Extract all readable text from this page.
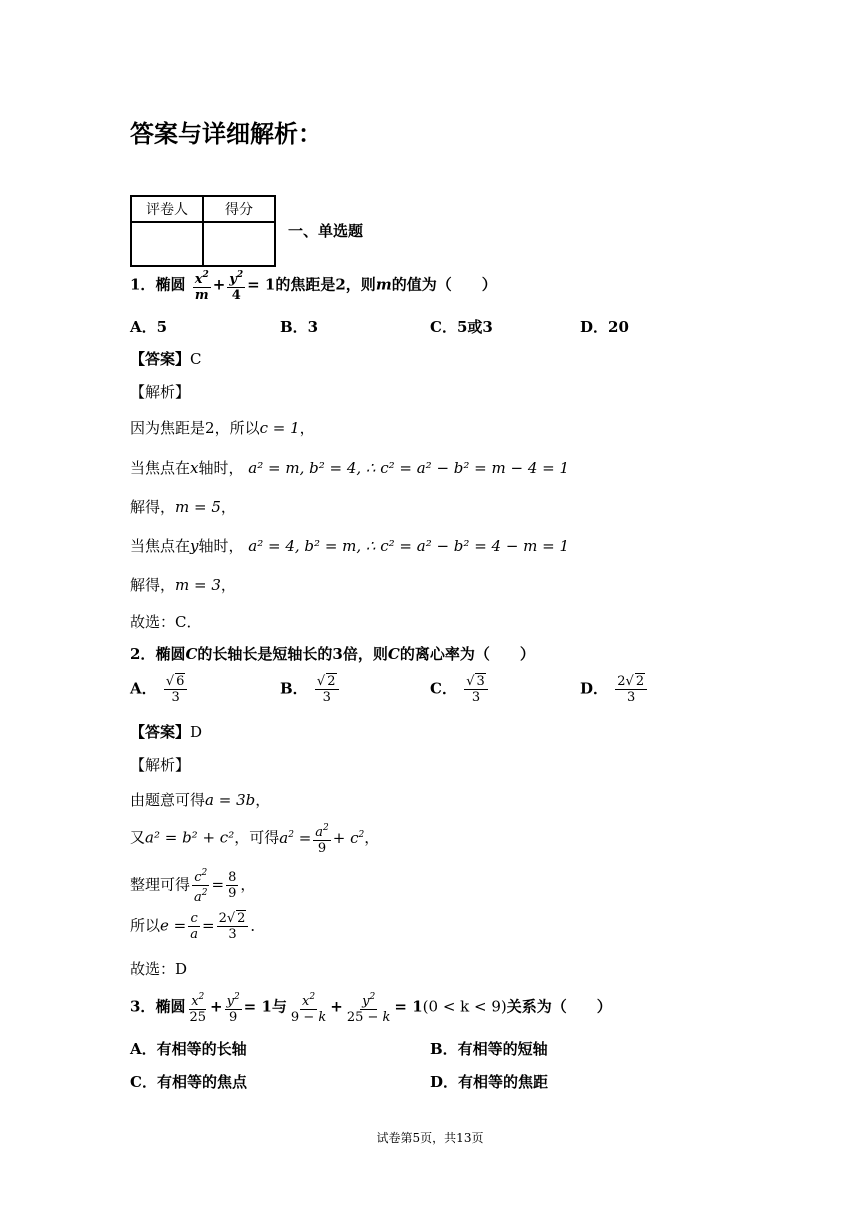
答案与详细解析：
评卷人	得分

一、单选题
1．椭圆 $\frac{x^2}{m} + \frac{y^2}{4} = 1$的焦距是2，则m的值为（　　）
A．5	B．3	C．5或3	D．20
【答案】C
【解析】
因为焦距是2，所以c = 1，
当焦点在x轴时， a² = m, b² = 4, ∴ c² = a² − b² = m − 4 = 1
解得，m = 5，
当焦点在y轴时， a² = 4, b² = m, ∴ c² = a² − b² = 4 − m = 1
解得，m = 3，
故选：C．
2．椭圆C的长轴长是短轴长的3倍，则C的离心率为（　　）
A． $\frac{√ 6}{3}$	B． $\frac{√ 2}{3}$	C． $\frac{√ 3}{3}$	D． $\frac{2√ 2}{3}$
【答案】D
【解析】
由题意可得a = 3b，
又a² = b² + c²，可得$a^2 = \frac{a^2}{9} + c^2$，
整理可得 $\frac{c^2}{a^2} = \frac{8}{9}$ ，
所以$e = \frac{c}{a} = \frac{2√ 2}{3}$ ．
故选：D
3．椭圆 $\frac{x^2}{25} + \frac{y^2}{9} = 1$与 $\frac{x^2}{9 - k} + \frac{y^2}{25 - k} = 1(0 < k < 9)$关系为（　　）
A．有相等的长轴	B．有相等的短轴
C．有相等的焦点	D．有相等的焦距
试卷第5页，共13页
